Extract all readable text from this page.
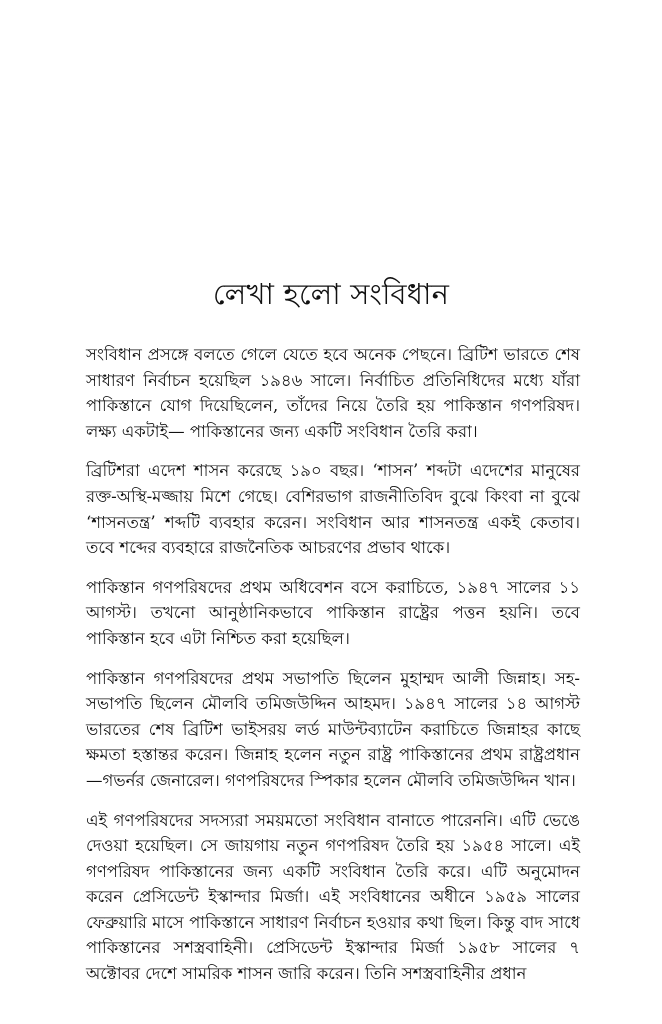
লেখা হলো সংবিধান

সংবিধান প্রসঙ্গে বলতে গেলে যেতে হবে অনেক পেছনে। ব্রিটিশ ভারতে শেষ সাধারণ নির্বাচন হয়েছিল ১৯৪৬ সালে। নির্বাচিত প্রতিনিধিদের মধ্যে যাঁরা পাকিস্তানে যোগ দিয়েছিলেন, তাঁদের নিয়ে তৈরি হয় পাকিস্তান গণপরিষদ। লক্ষ্য একটাই— পাকিস্তানের জন্য একটি সংবিধান তৈরি করা।

ব্রিটিশরা এদেশ শাসন করেছে ১৯০ বছর। ‘শাসন’ শব্দটা এদেশের মানুষের রক্ত-অস্থি-মজ্জায় মিশে গেছে। বেশিরভাগ রাজনীতিবিদ বুঝে কিংবা না বুঝে ‘শাসনতন্ত্র’ শব্দটি ব্যবহার করেন। সংবিধান আর শাসনতন্ত্র একই কেতাব। তবে শব্দের ব্যবহারে রাজনৈতিক আচরণের প্রভাব থাকে।

পাকিস্তান গণপরিষদের প্রথম অধিবেশন বসে করাচিতে, ১৯৪৭ সালের ১১ আগস্ট। তখনো আনুষ্ঠানিকভাবে পাকিস্তান রাষ্ট্রের পত্তন হয়নি। তবে পাকিস্তান হবে এটা নিশ্চিত করা হয়েছিল।

পাকিস্তান গণপরিষদের প্রথম সভাপতি ছিলেন মুহাম্মদ আলী জিন্নাহ। সহ-সভাপতি ছিলেন মৌলবি তমিজউদ্দিন আহমদ। ১৯৪৭ সালের ১৪ আগস্ট ভারতের শেষ ব্রিটিশ ভাইসরয় লর্ড মাউন্টব্যাটেন করাচিতে জিন্নাহর কাছে ক্ষমতা হস্তান্তর করেন। জিন্নাহ হলেন নতুন রাষ্ট্র পাকিস্তানের প্রথম রাষ্ট্রপ্রধান—গভর্নর জেনারেল। গণপরিষদের স্পিকার হলেন মৌলবি তমিজউদ্দিন খান।

এই গণপরিষদের সদস্যরা সময়মতো সংবিধান বানাতে পারেননি। এটি ভেঙে দেওয়া হয়েছিল। সে জায়গায় নতুন গণপরিষদ তৈরি হয় ১৯৫৪ সালে। এই গণপরিষদ পাকিস্তানের জন্য একটি সংবিধান তৈরি করে। এটি অনুমোদন করেন প্রেসিডেন্ট ইস্কান্দার মির্জা। এই সংবিধানের অধীনে ১৯৫৯ সালের ফেব্রুয়ারি মাসে পাকিস্তানে সাধারণ নির্বাচন হওয়ার কথা ছিল। কিন্তু বাদ সাধে পাকিস্তানের সশস্ত্রবাহিনী। প্রেসিডেন্ট ইস্কান্দার মির্জা ১৯৫৮ সালের ৭ অক্টোবর দেশে সামরিক শাসন জারি করেন। তিনি সশস্ত্রবাহিনীর প্রধান
